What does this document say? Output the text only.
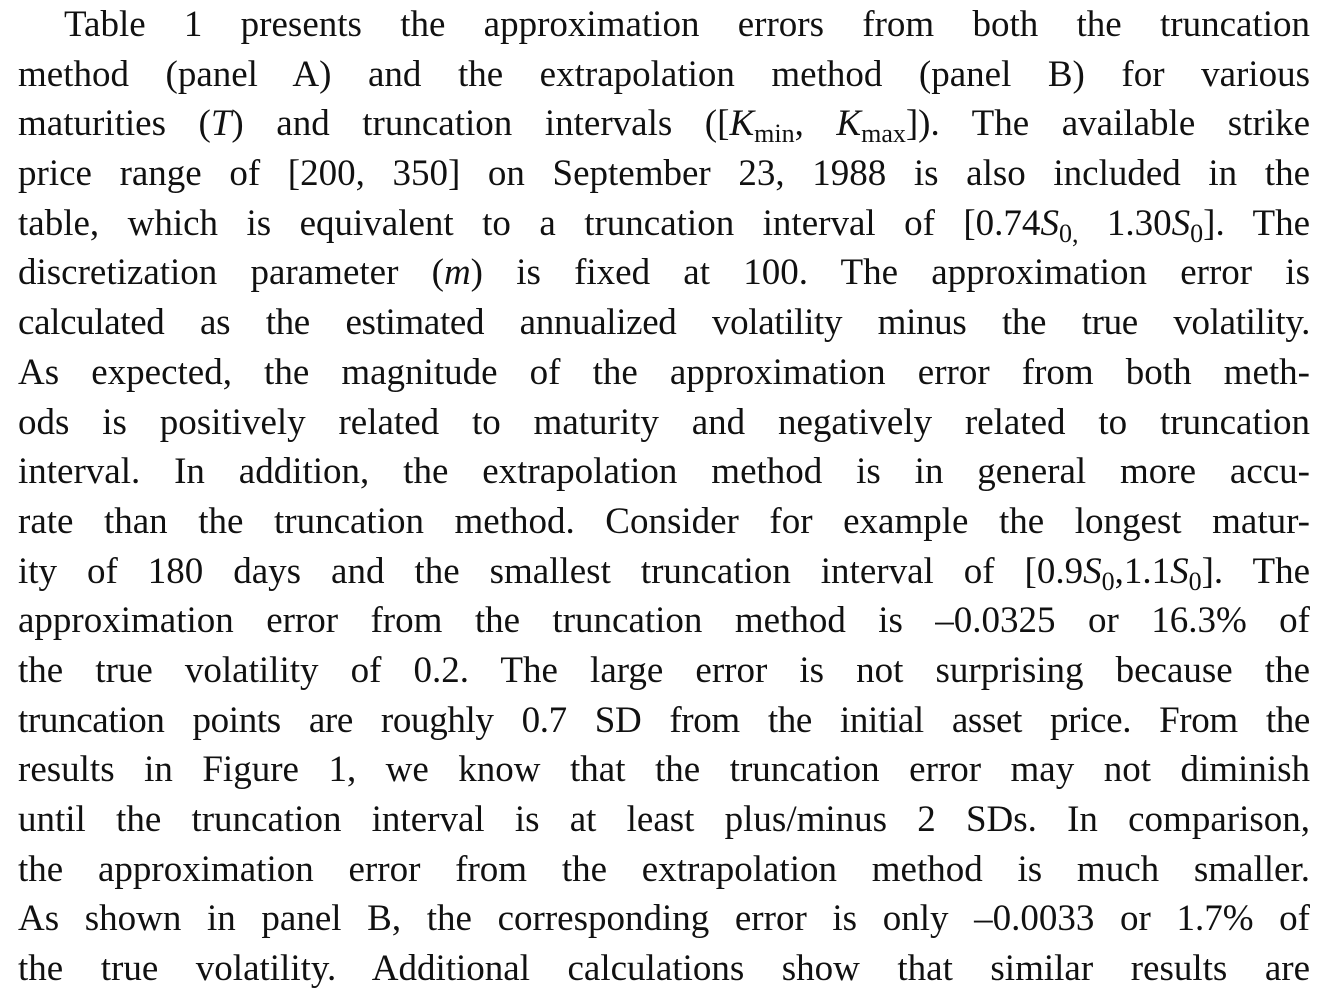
Table 1 presents the approximation errors from both the truncation
method (panel A) and the extrapolation method (panel B) for various
maturities (T) and truncation intervals ([$K_{min}$, $K_{max}$]). The available strike
price range of [200, 350] on September 23, 1988 is also included in the
table, which is equivalent to a truncation interval of [$0.74S_{0,}$ $1.30S_0$]. The
discretization parameter (m) is fixed at 100. The approximation error is
calculated as the estimated annualized volatility minus the true volatility.
As expected, the magnitude of the approximation error from both meth-
ods is positively related to maturity and negatively related to truncation
interval. In addition, the extrapolation method is in general more accu-
rate than the truncation method. Consider for example the longest matur-
ity of 180 days and the smallest truncation interval of $[0.9S_0,1.1S_0]$. The
approximation error from the truncation method is –0.0325 or 16.3% of
the true volatility of 0.2. The large error is not surprising because the
truncation points are roughly 0.7 SD from the initial asset price. From the
results in Figure 1, we know that the truncation error may not diminish
until the truncation interval is at least plus/minus 2 SDs. In comparison,
the approximation error from the extrapolation method is much smaller.
As shown in panel B, the corresponding error is only –0.0033 or 1.7% of
the true volatility. Additional calculations show that similar results are
